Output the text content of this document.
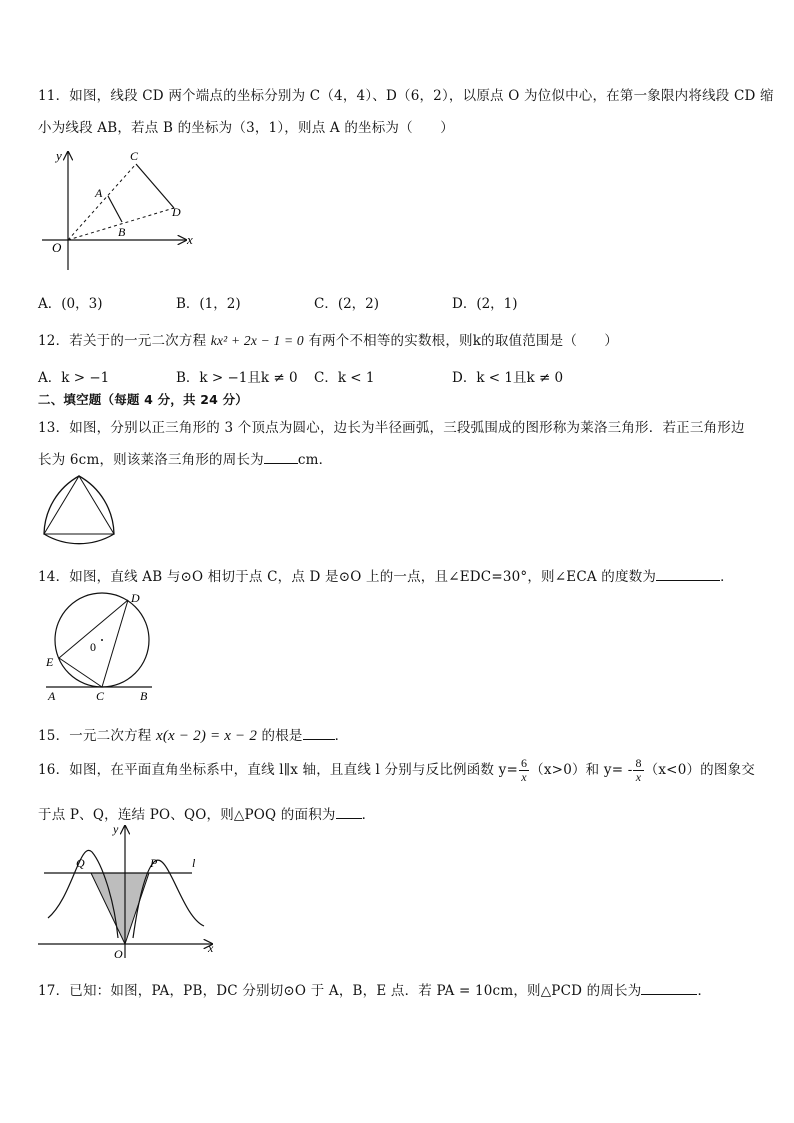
11．如图，线段 CD 两个端点的坐标分别为 C（4，4）、D（6，2），以原点 O 为位似中心，在第一象限内将线段 CD 缩
小为线段 AB，若点 B 的坐标为（3，1），则点 A 的坐标为（　　）
y
x
O
A
B
C
D
A．(0，3)	B．(1，2)	C．(2，2)	D．(2，1)
12．若关于的一元二次方程 kx² + 2x − 1 = 0 有两个不相等的实数根，则k的取值范围是（　　）
A．k > −1	B．k > −1且k ≠ 0 C．k < 1	D．k < 1且k ≠ 0
二、填空题（每题 4 分，共 24 分）
13．如图，分别以正三角形的 3 个顶点为圆心，边长为半径画弧，三段弧围成的图形称为莱洛三角形．若正三角形边
长为 6cm，则该莱洛三角形的周长为	cm．
14．如图，直线 AB 与⊙O 相切于点 C，点 D 是⊙O 上的一点，且∠EDC=30°，则∠ECA 的度数为	．
D
0
E
A	C	B
15．一元二次方程 x(x − 2) = x − 2 的根是 ．
16．如图，在平面直角坐标系中，直线 l∥x 轴，且直线 l 分别与反比例函数 $y= \frac{6}{x} (x>0)$和 $y= - \frac{8}{x} (x<0)$的图象交
于点 P、Q，连结 PO、QO，则△POQ 的面积为 ．
y
x
O
Q	P	l
17．已知：如图，PA，PB，DC 分别切⊙O 于 A，B，E 点．若 PA = 10cm，则△PCD 的周长为	．
